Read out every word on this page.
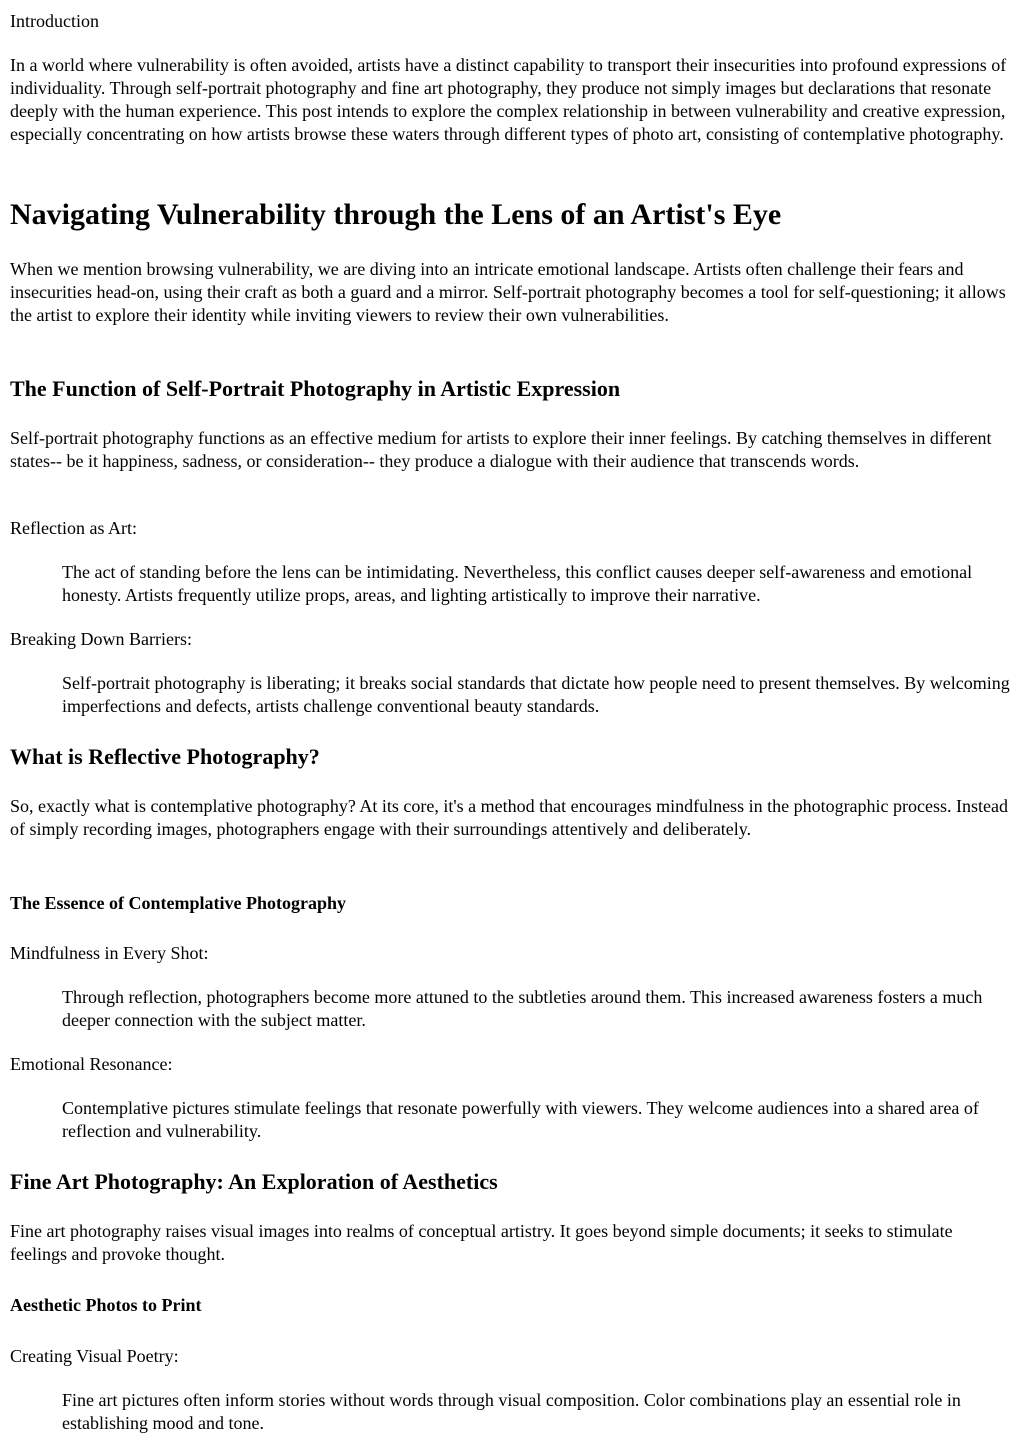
Introduction

In a world where vulnerability is often avoided, artists have a distinct capability to transport their insecurities into profound expressions of individuality. Through self-portrait photography and fine art photography, they produce not simply images but declarations that resonate deeply with the human experience. This post intends to explore the complex relationship in between vulnerability and creative expression, especially concentrating on how artists browse these waters through different types of photo art, consisting of contemplative photography.

Navigating Vulnerability through the Lens of an Artist's Eye

When we mention browsing vulnerability, we are diving into an intricate emotional landscape. Artists often challenge their fears and insecurities head-on, using their craft as both a guard and a mirror. Self-portrait photography becomes a tool for self-questioning; it allows the artist to explore their identity while inviting viewers to review their own vulnerabilities.

The Function of Self-Portrait Photography in Artistic Expression

Self-portrait photography functions as an effective medium for artists to explore their inner feelings. By catching themselves in different states-- be it happiness, sadness, or consideration-- they produce a dialogue with their audience that transcends words.

Reflection as Art:

The act of standing before the lens can be intimidating. Nevertheless, this conflict causes deeper self-awareness and emotional honesty. Artists frequently utilize props, areas, and lighting artistically to improve their narrative.

Breaking Down Barriers:

Self-portrait photography is liberating; it breaks social standards that dictate how people need to present themselves. By welcoming imperfections and defects, artists challenge conventional beauty standards.

What is Reflective Photography?

So, exactly what is contemplative photography? At its core, it's a method that encourages mindfulness in the photographic process. Instead of simply recording images, photographers engage with their surroundings attentively and deliberately.

The Essence of Contemplative Photography

Mindfulness in Every Shot:

Through reflection, photographers become more attuned to the subtleties around them. This increased awareness fosters a much deeper connection with the subject matter.

Emotional Resonance:

Contemplative pictures stimulate feelings that resonate powerfully with viewers. They welcome audiences into a shared area of reflection and vulnerability.

Fine Art Photography: An Exploration of Aesthetics

Fine art photography raises visual images into realms of conceptual artistry. It goes beyond simple documents; it seeks to stimulate feelings and provoke thought.

Aesthetic Photos to Print

Creating Visual Poetry:

Fine art pictures often inform stories without words through visual composition. Color combinations play an essential role in establishing mood and tone.
